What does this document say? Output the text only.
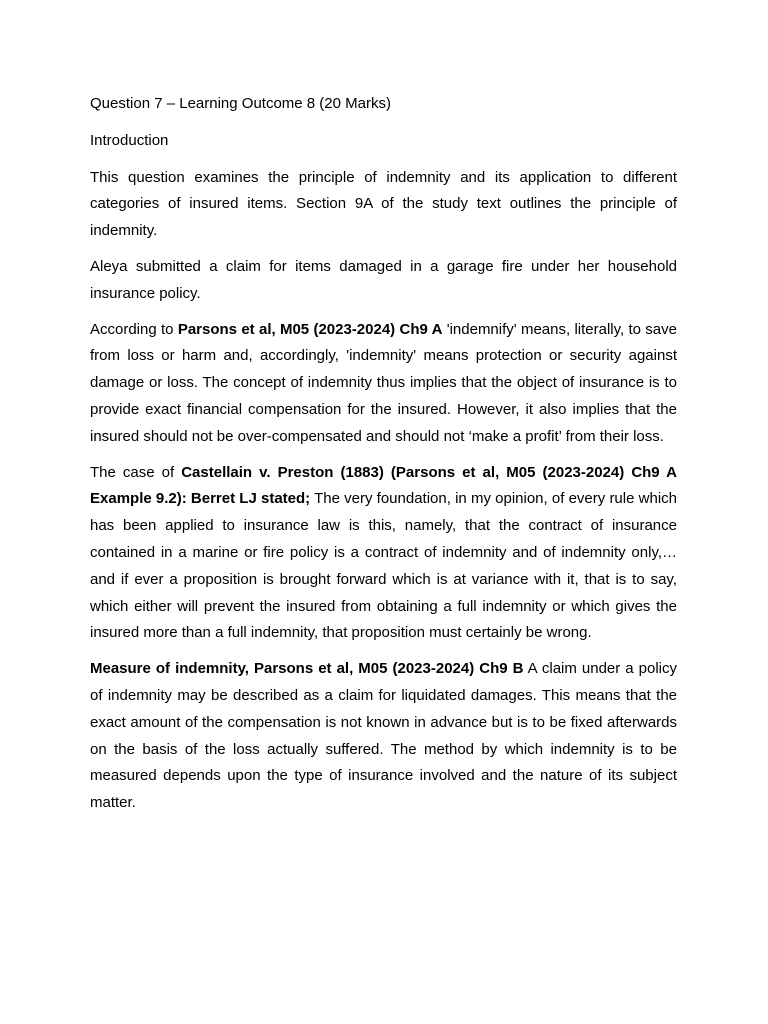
Question 7 – Learning Outcome 8 (20 Marks)

Introduction

This question examines the principle of indemnity and its application to different categories of insured items. Section 9A of the study text outlines the principle of indemnity.

Aleya submitted a claim for items damaged in a garage fire under her household insurance policy.

According to Parsons et al, M05 (2023-2024) Ch9 A 'indemnify' means, literally, to save from loss or harm and, accordingly, 'indemnity' means protection or security against damage or loss. The concept of indemnity thus implies that the object of insurance is to provide exact financial compensation for the insured. However, it also implies that the insured should not be over-compensated and should not ‘make a profit’ from their loss.

The case of Castellain v. Preston (1883) (Parsons et al, M05 (2023-2024) Ch9 A Example 9.2): Berret LJ stated; The very foundation, in my opinion, of every rule which has been applied to insurance law is this, namely, that the contract of insurance contained in a marine or fire policy is a contract of indemnity and of indemnity only,… and if ever a proposition is brought forward which is at variance with it, that is to say, which either will prevent the insured from obtaining a full indemnity or which gives the insured more than a full indemnity, that proposition must certainly be wrong.

Measure of indemnity, Parsons et al, M05 (2023-2024) Ch9 B A claim under a policy of indemnity may be described as a claim for liquidated damages. This means that the exact amount of the compensation is not known in advance but is to be fixed afterwards on the basis of the loss actually suffered. The method by which indemnity is to be measured depends upon the type of insurance involved and the nature of its subject matter.
